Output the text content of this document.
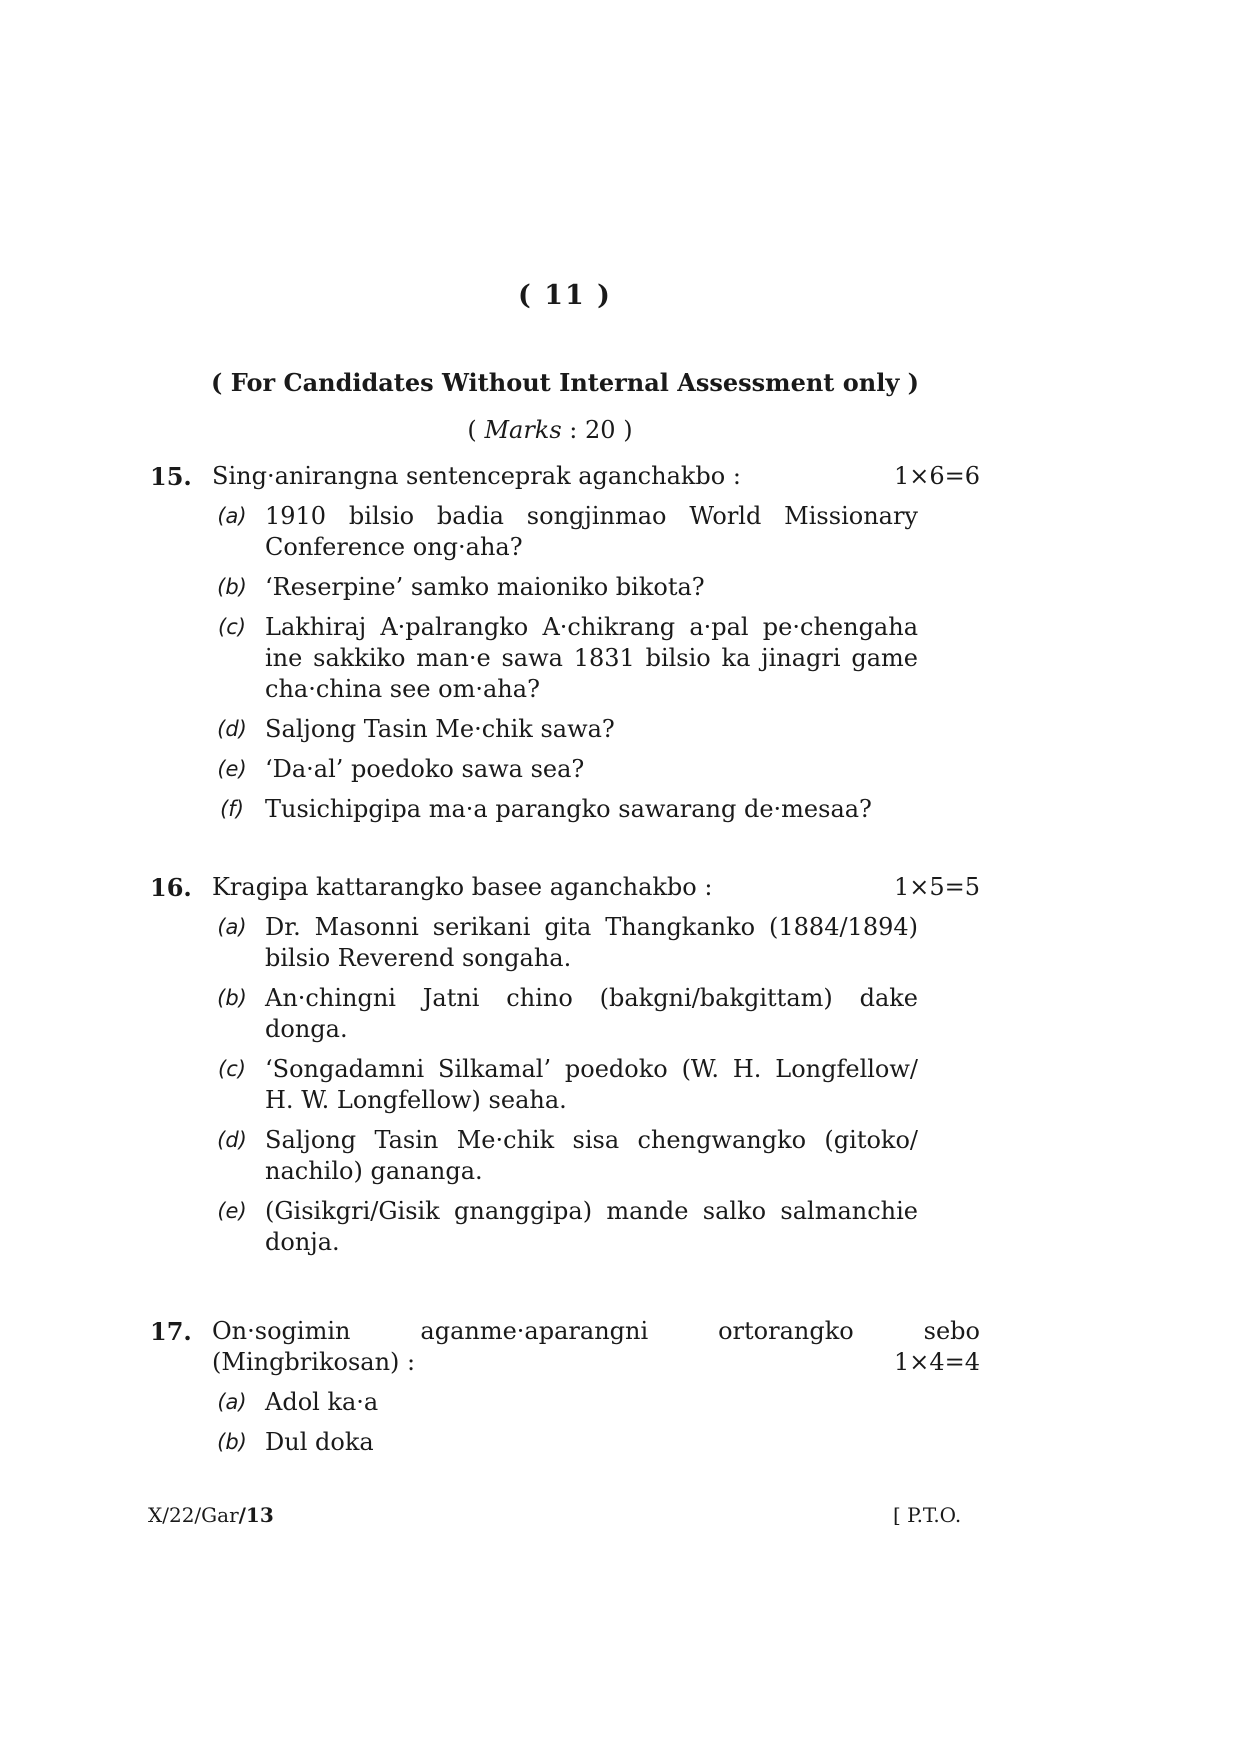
( 11 )
( For Candidates Without Internal Assessment only )
( Marks : 20 )
15. Sing·anirangna sentenceprak aganchakbo :	1×6=6
(a) 1910 bilsio badia songjinmao World Missionary Conference ong·aha?
(b) ‘Reserpine’ samko maioniko bikota?
(c) Lakhiraj A·palrangko A·chikrang a·pal pe·chengaha ine sakkiko man·e sawa 1831 bilsio ka jinagri game cha·china see om·aha?
(d) Saljong Tasin Me·chik sawa?
(e) ‘Da·al’ poedoko sawa sea?
(f) Tusichipgipa ma·a parangko sawarang de·mesaa?
16. Kragipa kattarangko basee aganchakbo :	1×5=5
(a) Dr. Masonni serikani gita Thangkanko (1884/1894) bilsio Reverend songaha.
(b) An·chingni Jatni chino (bakgni/bakgittam) dake donga.
(c) ‘Songadamni Silkamal’ poedoko (W. H. Longfellow/ H. W. Longfellow) seaha.
(d) Saljong Tasin Me·chik sisa chengwangko (gitoko/ nachilo) gananga.
(e) (Gisikgri/Gisik gnanggipa) mande salko salmanchie donja.
17. On·sogimin aganme·aparangni ortorangko sebo
(Mingbrikosan) :	1×4=4
(a) Adol ka·a
(b) Dul doka
X/22/Gar/13	[ P.T.O.
